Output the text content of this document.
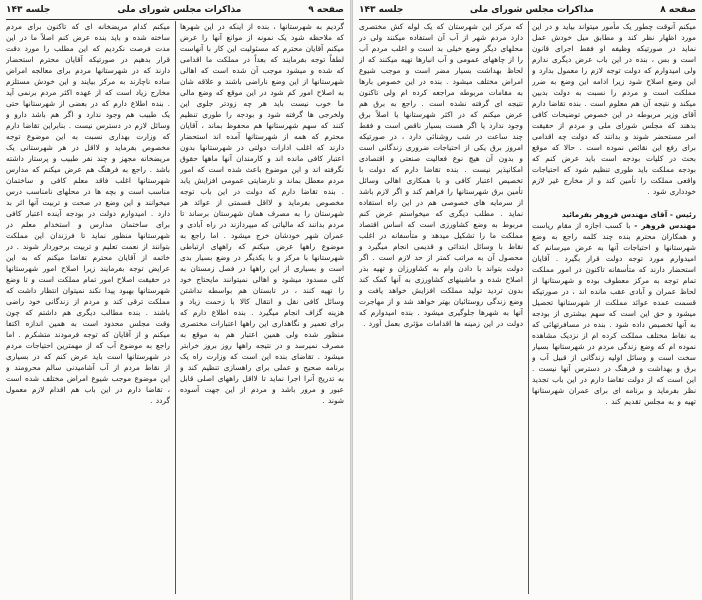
صفحه ۹
مذاکرات مجلس شورای ملی
جلسه ۱۴۳
گردیم به شهرستانها ، بنده از اینکه در این شهرها که ملاحظه شود یک نمونه از موانع آنها را عرض میکنم آقایان محترم که مسئولیت این کار با آنهاست لطفاً توجه بفرمایند که بعداً در مملکت ما اقدامی که شده و میشود موجب آن شده است که اهالی شهرستانها از این وضع ناراضی باشند و علاقه شان به اصلاح امور کم شود در این موقع که وضع مالی ما خوب نیست باید هر چه زودتر جلوی این ولخرجی ها گرفته شود و بودجه را طوری تنظیم کنند که سهم شهرستانها هم محفوظ بماند ، آقایان محترم که همه از شهرستانها آمده اند استحضار دارند که اغلب ادارات دولتی در شهرستانها بدون اعتبار کافی مانده اند و کارمندان آنها ماهها حقوق نگرفته اند و این موضوع باعث شده است که امور مردم معطل بماند و نارضایتی عمومی افزایش یابد . بنده تقاضا دارم که دولت در این باب توجه مخصوص بفرماید و لااقل قسمتی از عوائد هر شهرستان را به مصرف همان شهرستان برساند تا مردم بدانند که مالیاتی که میپردازند در راه آبادی و عمران شهر خودشان خرج میشود . اما راجع به موضوع راهها عرض میکنم که راههای ارتباطی شهرستانها با مرکز و با یکدیگر در وضع بسیار بدی است و بسیاری از این راهها در فصل زمستان به کلی مسدود میشود و اهالی نمیتوانند مایحتاج خود را تهیه کنند ، در تابستان هم بواسطه نداشتن وسائل کافی نقل و انتقال کالا با زحمت زیاد و هزینه گزاف انجام میگیرد . بنده اطلاع دارم که برای تعمیر و نگاهداری این راهها اعتبارات مختصری منظور شده ولی همین اعتبار هم به موقع به مصرف نمیرسد و در نتیجه راهها روز بروز خرابتر میشود . تقاضای بنده این است که وزارت راه یک برنامه صحیح و عملی برای راهسازی تنظیم کند و به تدریج آنرا اجرا نماید تا لااقل راههای اصلی قابل عبور و مرور باشد و مردم از این جهت آسوده شوند .
میکنم کدام مریضخانه ای که تاکنون برای مردم ساخته شده و باید بنده عرض کنم اصلاً ما در این مدت فرصت نکردیم که این مطلب را مورد دقت قرار بدهیم در صورتیکه آقایان محترم استحضار دارند که در شهرستانها مردم برای معالجه امراض ساده ناچارند به مرکز بیایند و این خودش مستلزم مخارج زیاد است که از عهده اکثر مردم برنمی آید . بنده اطلاع دارم که در بعضی از شهرستانها حتی یک طبیب هم وجود ندارد و اگر هم باشد دارو و وسائل لازم در دسترس نیست . بنابراین تقاضا دارم که وزارت بهداری نسبت به این موضوع توجه مخصوص بفرماید و لااقل در هر شهرستانی یک مریضخانه مجهز و چند نفر طبیب و پرستار داشته باشد . راجع به فرهنگ هم عرض میکنم که مدارس شهرستانها اغلب فاقد معلم کافی و ساختمان مناسب است و بچه ها در محلهای نامناسب درس میخوانند و این وضع در صحت و تربیت آنها اثر بد دارد . امیدوارم دولت در بودجه آینده اعتبار کافی برای ساختمان مدارس و استخدام معلم در شهرستانها منظور نماید تا فرزندان این مملکت بتوانند از نعمت تعلیم و تربیت برخوردار شوند . در خاتمه از آقایان محترم تقاضا میکنم که به این عرایض توجه بفرمایند زیرا اصلاح امور شهرستانها در حقیقت اصلاح امور تمام مملکت است و تا وضع شهرستانها بهبود پیدا نکند نمیتوان انتظار داشت که مملکت ترقی کند و مردم از زندگانی خود راضی باشند . بنده مطالب دیگری هم داشتم که چون وقت مجلس محدود است به همین اندازه اکتفا میکنم و از آقایان که توجه فرمودند متشکرم . اما راجع به موضوع آب که از مهمترین احتیاجات مردم در شهرستانها است باید عرض کنم که در بسیاری از نقاط مردم از آب آشامیدنی سالم محرومند و این موضوع موجب شیوع امراض مختلف شده است ، تقاضا دارم در این باب هم اقدام لازم معمول گردد .
صفحه ۸
مذاکرات مجلس شورای ملی
جلسه ۱۴۳
میکنم آنوقت چطور یک مأمور میتواند بیاید و در این مورد اظهار نظر کند و مطابق میل خودش عمل نماید در صورتیکه وظیفه او فقط اجرای قانون است و بس ، بنده در این باب عرض دیگری ندارم ولی امیدوارم که دولت توجه لازم را معمول بدارد و این وضع اصلاح شود زیرا ادامه این وضع به ضرر مملکت است و مردم را نسبت به دولت بدبین میکند و نتیجه آن هم معلوم است . بنده تقاضا دارم آقای وزیر مربوطه در این خصوص توضیحات کافی بدهند که مجلس شورای ملی و مردم از حقیقت امر مستحضر شوند و بدانند که دولت چه اقدامی برای رفع این نقائص نموده است . حالا که موقع بحث در کلیات بودجه است باید عرض کنم که بودجه مملکت باید طوری تنظیم شود که احتیاجات واقعی مملکت را تأمین کند و از مخارج غیر لازم خودداری شود .
رئیس - آقای مهندس فروهر بفرمائید
مهندس فروهر - با کسب اجازه از مقام ریاست و همکاران محترم بنده چند کلمه راجع به وضع شهرستانها و احتیاجات آنها به عرض میرسانم که امیدوارم مورد توجه دولت قرار بگیرد . آقایان استحضار دارند که متأسفانه تاکنون در امور مملکت تمام توجه به مرکز معطوف بوده و شهرستانها از لحاظ عمران و آبادی عقب مانده اند ، در صورتیکه قسمت عمده عوائد مملکت از شهرستانها تحصیل میشود و حق این است که سهم بیشتری از بودجه به آنها تخصیص داده شود . بنده در مسافرتهائی که به نقاط مختلف مملکت کرده ام از نزدیک مشاهده نموده ام که وضع زندگی مردم در شهرستانها بسیار سخت است و وسائل اولیه زندگانی از قبیل آب و برق و بهداشت و فرهنگ در دسترس آنها نیست . این است که از دولت تقاضا دارم در این باب تجدید نظر بفرماید و برنامه ای برای عمران شهرستانها تهیه و به مجلس تقدیم کند .
که مرکز این شهرستان که یک لوله کش مختصری دارد مردم شهر از آب آن استفاده میکنند ولی در محلهای دیگر وضع خیلی بد است و اغلب مردم آب را از چاههای عمومی و آب انبارها تهیه میکنند که از لحاظ بهداشت بسیار مضر است و موجب شیوع امراض مختلف میشود . بنده در این خصوص بارها به مقامات مربوطه مراجعه کرده ام ولی تاکنون نتیجه ای گرفته نشده است . راجع به برق هم عرض میکنم که در اکثر شهرستانها یا اصلاً برق وجود ندارد یا اگر هست بسیار ناقص است و فقط چند ساعت در شب روشنائی دارد ، در صورتیکه امروز برق یکی از احتیاجات ضروری زندگانی است و بدون آن هیچ نوع فعالیت صنعتی و اقتصادی امکانپذیر نیست . بنده تقاضا دارم که دولت با تخصیص اعتبار کافی و با همکاری اهالی وسائل تأمین برق شهرستانها را فراهم کند و اگر لازم باشد از سرمایه های خصوصی هم در این راه استفاده نماید . مطلب دیگری که میخواستم عرض کنم مربوط به وضع کشاورزی است که اساس اقتصاد مملکت ما را تشکیل میدهد و متأسفانه در اغلب نقاط با وسائل ابتدائی و قدیمی انجام میگیرد و محصول آن به مراتب کمتر از حد لازم است . اگر دولت بتواند با دادن وام به کشاورزان و تهیه بذر اصلاح شده و ماشینهای کشاورزی به آنها کمک کند بدون تردید تولید مملکت افزایش خواهد یافت و وضع زندگی روستائیان بهتر خواهد شد و از مهاجرت آنها به شهرها جلوگیری میشود . بنده امیدوارم که دولت در این زمینه ها اقدامات مؤثری بعمل آورد .
